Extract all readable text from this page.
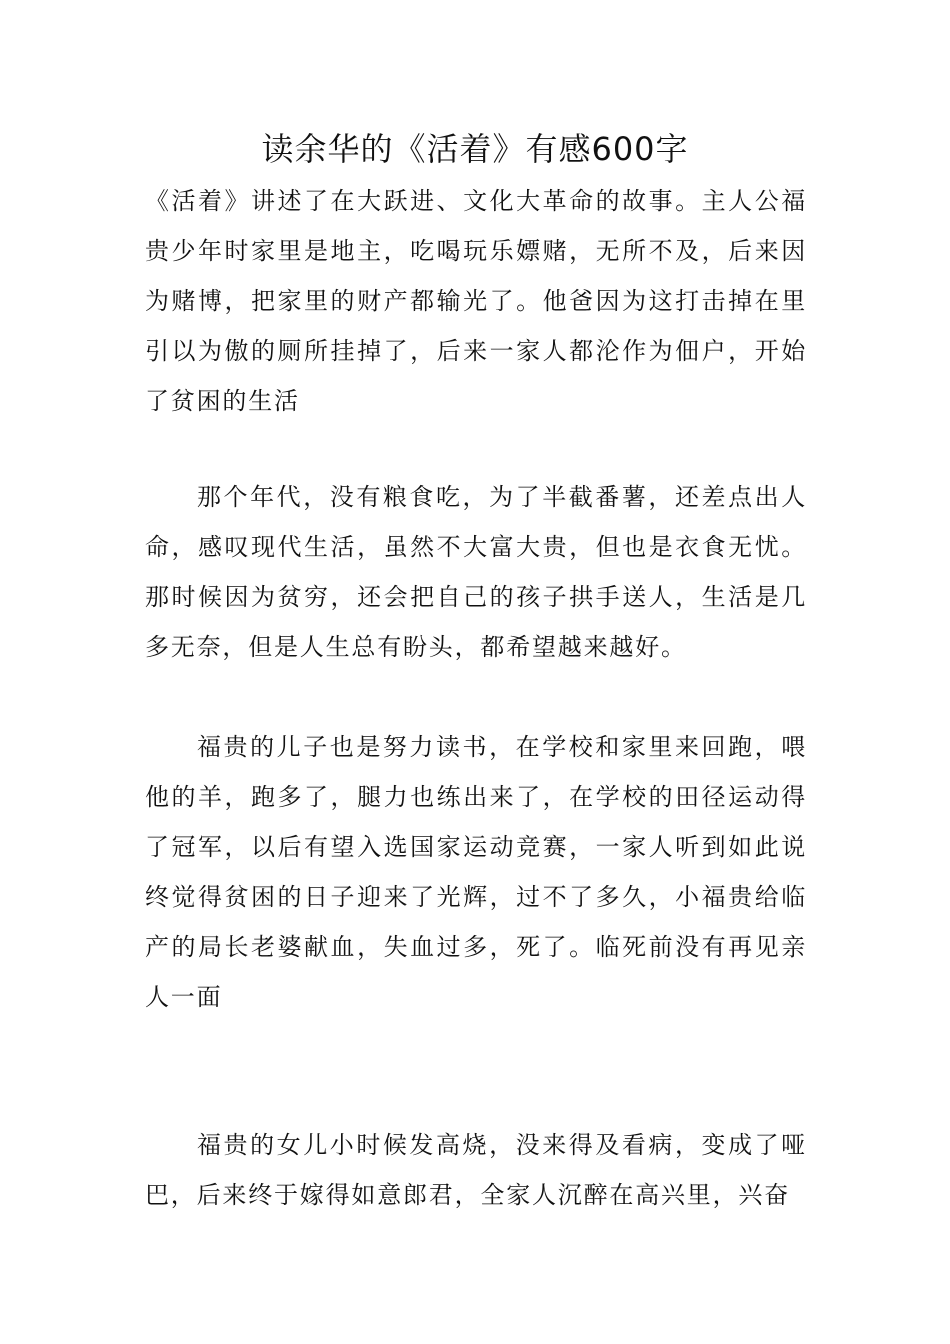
读余华的《活着》有感600字

《活着》讲述了在大跃进、文化大革命的故事。主人公福贵少年时家里是地主，吃喝玩乐嫖赌，无所不及，后来因为赌博，把家里的财产都输光了。他爸因为这打击掉在里引以为傲的厕所挂掉了，后来一家人都沦作为佃户，开始了贫困的生活

那个年代，没有粮食吃，为了半截番薯，还差点出人命，感叹现代生活，虽然不大富大贵，但也是衣食无忧。那时候因为贫穷，还会把自己的孩子拱手送人，生活是几多无奈，但是人生总有盼头，都希望越来越好。

福贵的儿子也是努力读书，在学校和家里来回跑，喂他的羊，跑多了，腿力也练出来了，在学校的田径运动得了冠军，以后有望入选国家运动竞赛，一家人听到如此说终觉得贫困的日子迎来了光辉，过不了多久，小福贵给临产的局长老婆献血，失血过多，死了。临死前没有再见亲人一面

福贵的女儿小时候发高烧，没来得及看病，变成了哑巴，后来终于嫁得如意郎君，全家人沉醉在高兴里，兴奋
